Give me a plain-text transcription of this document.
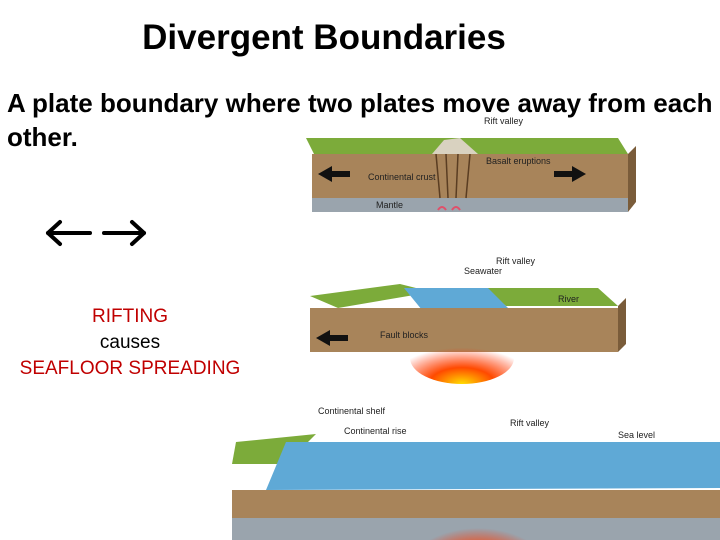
Divergent Boundaries
A plate boundary where two plates move away from each other.
RIFTING
causes
SEAFLOOR SPREADING
Rift valley
Basalt eruptions
Continental crust
Mantle
Rift valley
Seawater
River
Fault blocks
Continental shelf
Continental rise
Rift valley
Sea level
